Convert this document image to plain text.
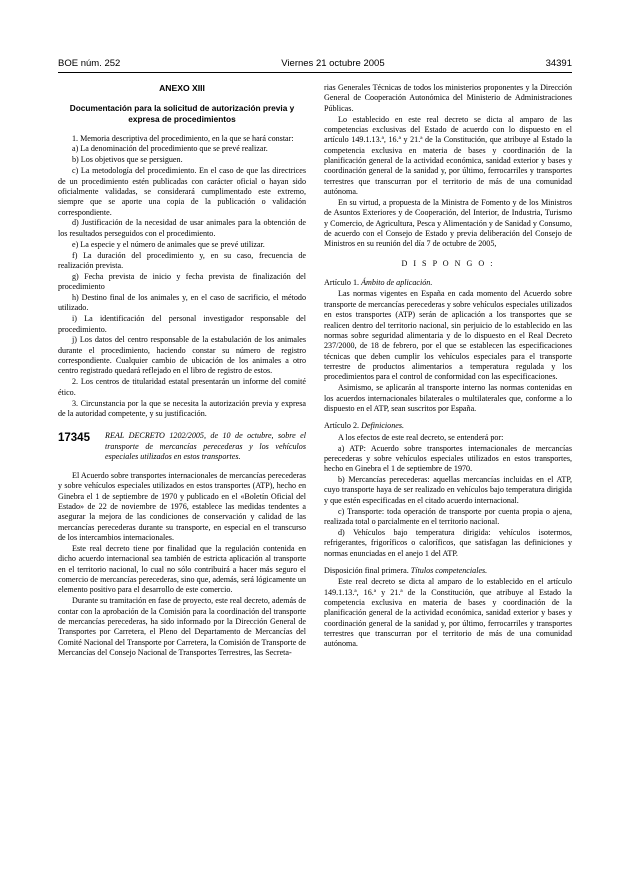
BOE núm. 252	Viernes 21 octubre 2005	34391
ANEXO XIII
Documentación para la solicitud de autorización previa y expresa de procedimientos

1. Memoria descriptiva del procedimiento, en la que se hará constar:

a) La denominación del procedimiento que se prevé realizar.

b) Los objetivos que se persiguen.

c) La metodología del procedimiento. En el caso de que las directrices de un procedimiento estén publicadas con carácter oficial o hayan sido oficialmente validadas, se considerará cumplimentado este extremo, siempre que se aporte una copia de la publicación o validación correspondiente.

d) Justificación de la necesidad de usar animales para la obtención de los resultados perseguidos con el procedimiento.

e) La especie y el número de animales que se prevé utilizar.

f) La duración del procedimiento y, en su caso, frecuencia de realización prevista.

g) Fecha prevista de inicio y fecha prevista de finalización del procedimiento

h) Destino final de los animales y, en el caso de sacrificio, el método utilizado.

i) La identificación del personal investigador responsable del procedimiento.

j) Los datos del centro responsable de la estabulación de los animales durante el procedimiento, haciendo constar su número de registro correspondiente. Cualquier cambio de ubicación de los animales a otro centro registrado quedará reflejado en el libro de registro de estos.

2. Los centros de titularidad estatal presentarán un informe del comité ético.

3. Circunstancia por la que se necesita la autorización previa y expresa de la autoridad competente, y su justificación.

17345	REAL DECRETO 1202/2005, de 10 de octubre, sobre el transporte de mercancías perecederas y los vehículos especiales utilizados en estos transportes.

El Acuerdo sobre transportes internacionales de mercancías perecederas y sobre vehículos especiales utilizados en estos transportes (ATP), hecho en Ginebra el 1 de septiembre de 1970 y publicado en el «Boletín Oficial del Estado» de 22 de noviembre de 1976, establece las medidas tendentes a asegurar la mejora de las condiciones de conservación y calidad de las mercancías perecederas durante su transporte, en especial en el transcurso de los intercambios internacionales.

Este real decreto tiene por finalidad que la regulación contenida en dicho acuerdo internacional sea también de estricta aplicación al transporte en el territorio nacional, lo cual no sólo contribuirá a hacer más seguro el comercio de mercancías perecederas, sino que, además, será lógicamente un elemento positivo para el desarrollo de este comercio.

Durante su tramitación en fase de proyecto, este real decreto, además de contar con la aprobación de la Comisión para la coordinación del transporte de mercancías perecederas, ha sido informado por la Dirección General de Transportes por Carretera, el Pleno del Departamento de Mercancías del Comité Nacional del Transporte por Carretera, la Comisión de Transporte de Mercancías del Consejo Nacional de Transportes Terrestres, las Secreta-

rias Generales Técnicas de todos los ministerios proponentes y la Dirección General de Cooperación Autonómica del Ministerio de Administraciones Públicas.

Lo establecido en este real decreto se dicta al amparo de las competencias exclusivas del Estado de acuerdo con lo dispuesto en el artículo 149.1.13.ª, 16.ª y 21.ª de la Constitución, que atribuye al Estado la competencia exclusiva en materia de bases y coordinación de la planificación general de la actividad económica, sanidad exterior y bases y coordinación general de la sanidad y, por último, ferrocarriles y transportes terrestres que transcurran por el territorio de más de una comunidad autónoma.

En su virtud, a propuesta de la Ministra de Fomento y de los Ministros de Asuntos Exteriores y de Cooperación, del Interior, de Industria, Turismo y Comercio, de Agricultura, Pesca y Alimentación y de Sanidad y Consumo, de acuerdo con el Consejo de Estado y previa deliberación del Consejo de Ministros en su reunión del día 7 de octubre de 2005,

D I S P O N G O :

Artículo 1. Ámbito de aplicación.

Las normas vigentes en España en cada momento del Acuerdo sobre transporte de mercancías perecederas y sobre vehículos especiales utilizados en estos transportes (ATP) serán de aplicación a los transportes que se realicen dentro del territorio nacional, sin perjuicio de lo establecido en las normas sobre seguridad alimentaria y de lo dispuesto en el Real Decreto 237/2000, de 18 de febrero, por el que se establecen las especificaciones técnicas que deben cumplir los vehículos especiales para el transporte terrestre de productos alimentarios a temperatura regulada y los procedimientos para el control de conformidad con las especificaciones.

Asimismo, se aplicarán al transporte interno las normas contenidas en los acuerdos internacionales bilaterales o multilaterales que, conforme a lo dispuesto en el ATP, sean suscritos por España.

Artículo 2. Definiciones.

A los efectos de este real decreto, se entenderá por:

a) ATP: Acuerdo sobre transportes internacionales de mercancías perecederas y sobre vehículos especiales utilizados en estos transportes, hecho en Ginebra el 1 de septiembre de 1970.

b) Mercancías perecederas: aquellas mercancías incluidas en el ATP, cuyo transporte haya de ser realizado en vehículos bajo temperatura dirigida y que estén especificadas en el citado acuerdo internacional.

c) Transporte: toda operación de transporte por cuenta propia o ajena, realizada total o parcialmente en el territorio nacional.

d) Vehículos bajo temperatura dirigida: vehículos isotermos, refrigerantes, frigoríficos o caloríficos, que satisfagan las definiciones y normas enunciadas en el anejo 1 del ATP.

Disposición final primera. Títulos competenciales.

Este real decreto se dicta al amparo de lo establecido en el artículo 149.1.13.ª, 16.ª y 21.ª de la Constitución, que atribuye al Estado la competencia exclusiva en materia de bases y coordinación de la planificación general de la actividad económica, sanidad exterior y bases y coordinación general de la sanidad y, por último, ferrocarriles y transportes terrestres que transcurran por el territorio de más de una comunidad autónoma.
